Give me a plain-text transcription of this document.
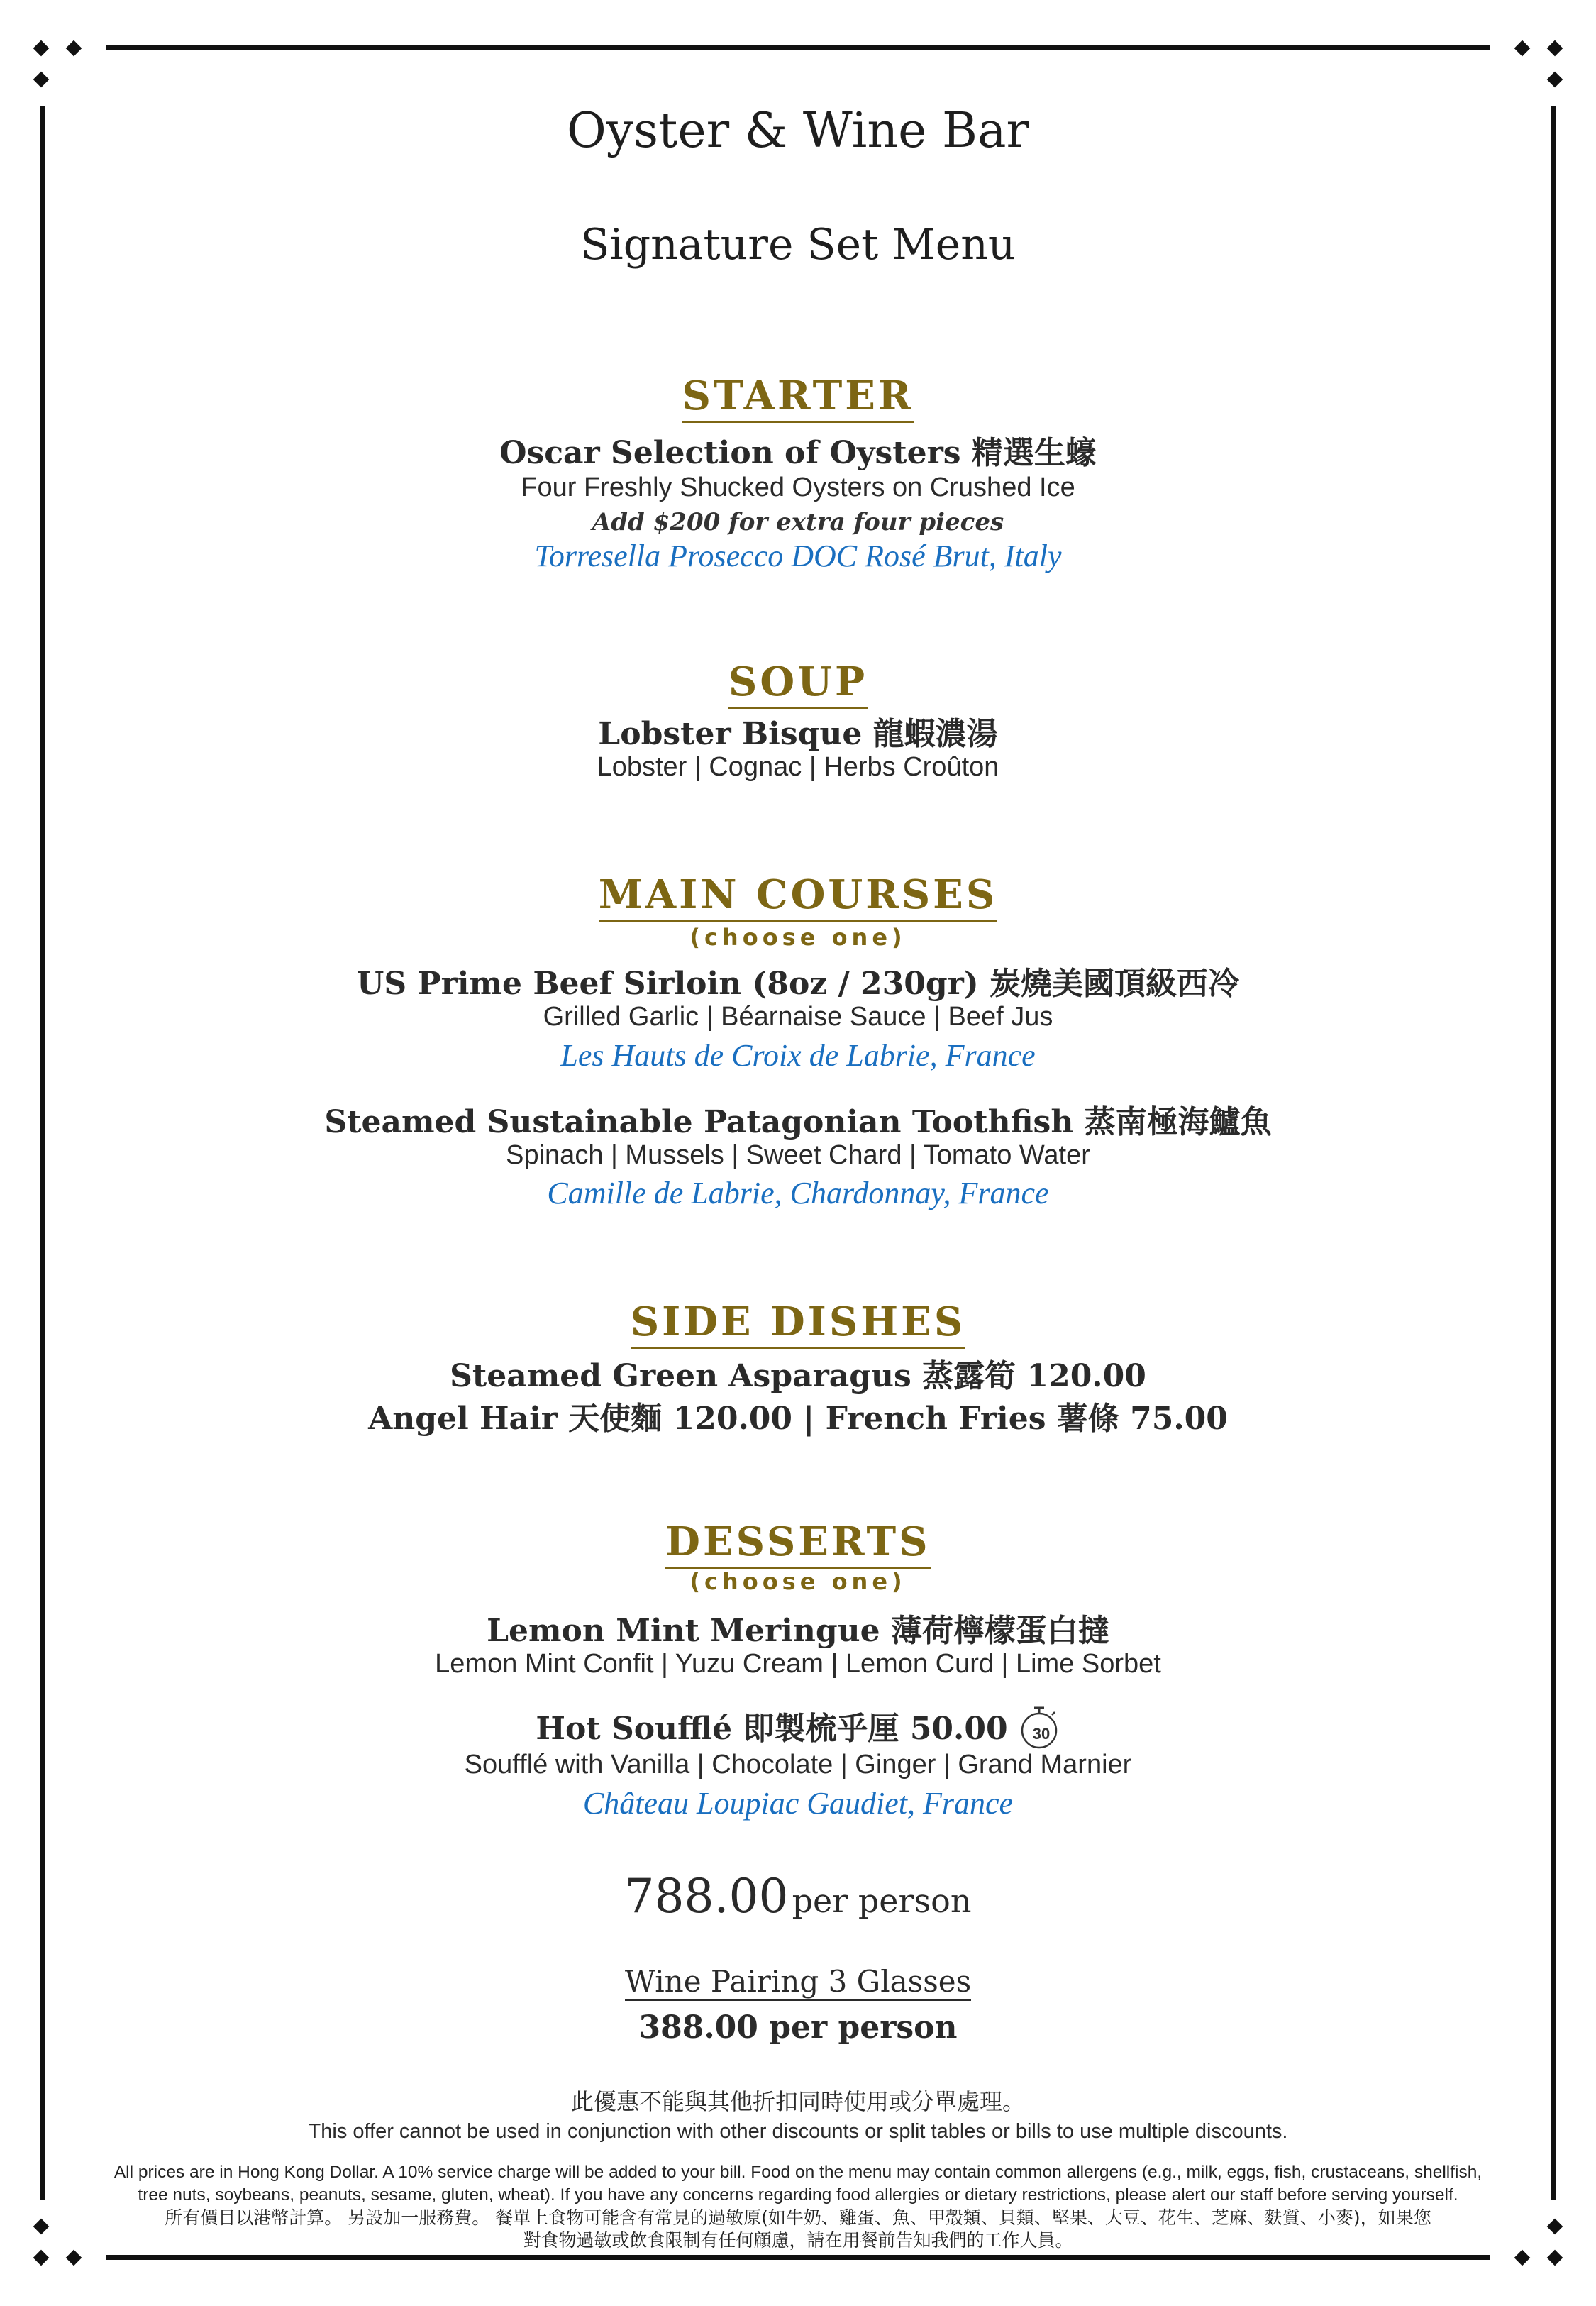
Oyster & Wine Bar
Signature Set Menu
STARTER
Oscar Selection of Oysters 精選生蠔
Four Freshly Shucked Oysters on Crushed Ice
Add $200 for extra four pieces
Torresella Prosecco DOC Rosé Brut, Italy
SOUP
Lobster Bisque 龍蝦濃湯
Lobster | Cognac | Herbs Croûton
MAIN COURSES
(choose one)
US Prime Beef Sirloin (8oz / 230gr) 炭燒美國頂級西冷
Grilled Garlic | Béarnaise Sauce | Beef Jus
Les Hauts de Croix de Labrie, France
Steamed Sustainable Patagonian Toothfish 蒸南極海鱸魚
Spinach | Mussels | Sweet Chard | Tomato Water
Camille de Labrie, Chardonnay, France
SIDE DISHES
Steamed Green Asparagus 蒸露筍 120.00
Angel Hair 天使麵 120.00 | French Fries 薯條 75.00
DESSERTS
(choose one)
Lemon Mint Meringue 薄荷檸檬蛋白撻
Lemon Mint Confit | Yuzu Cream | Lemon Curd | Lime Sorbet
Hot Soufflé 即製梳乎厘 50.00 30
Soufflé with Vanilla | Chocolate | Ginger | Grand Marnier
Château Loupiac Gaudiet, France
788.00 per person
Wine Pairing 3 Glasses
388.00 per person
此優惠不能與其他折扣同時使用或分單處理。
This offer cannot be used in conjunction with other discounts or split tables or bills to use multiple discounts.
All prices are in Hong Kong Dollar. A 10% service charge will be added to your bill. Food on the menu may contain common allergens (e.g., milk, eggs, fish, crustaceans, shellfish,
tree nuts, soybeans, peanuts, sesame, gluten, wheat). If you have any concerns regarding food allergies or dietary restrictions, please alert our staff before serving yourself.
所有價目以港幣計算。 另設加一服務費。 餐單上食物可能含有常見的過敏原(如牛奶、雞蛋、魚、甲殼類、貝類、堅果、大豆、花生、芝麻、麩質、小麥)，如果您
對食物過敏或飲食限制有任何顧慮，請在用餐前告知我們的工作人員。
